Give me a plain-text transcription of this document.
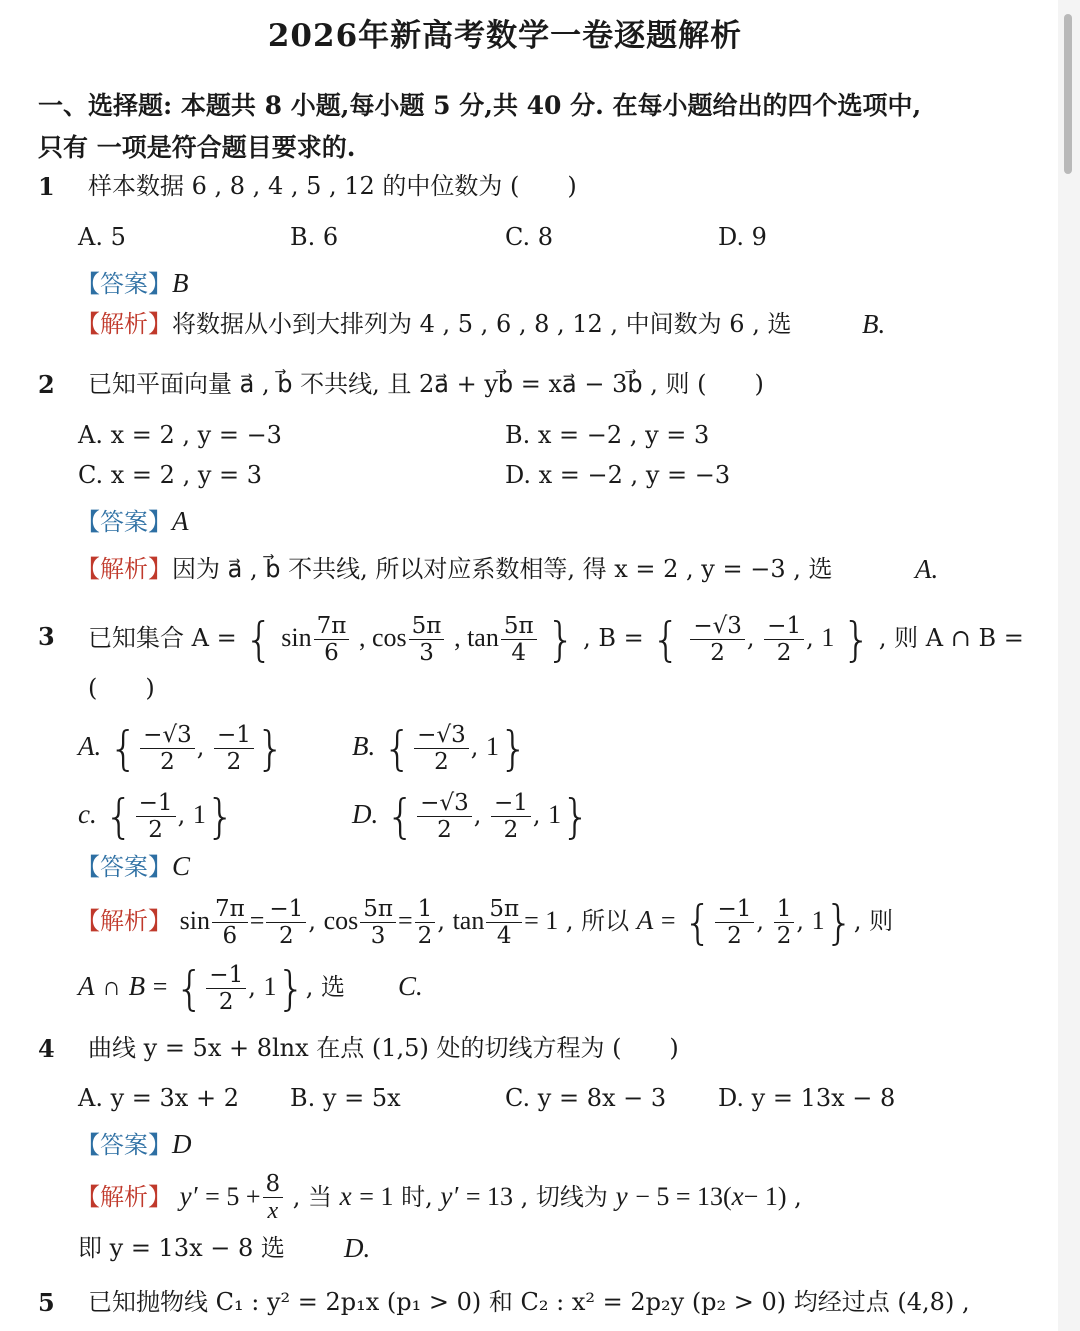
2026年新高考数学一卷逐题解析
一、选择题: 本题共 8 小题,每小题 5 分,共 40 分. 在每小题给出的四个选项中,
只有 一项是符合题目要求的.
1 样本数据 6 , 8 , 4 , 5 , 12 的中位数为 (　　)
A. 5	B. 6	C. 8	D. 9
【答案】B
【解析】将数据从小到大排列为 4 , 5 , 6 , 8 , 12 , 中间数为 6 , 选	B.
2 已知平面向量 a⃗ , b⃗ 不共线, 且 2a⃗ + yb⃗ = xa⃗ − 3b⃗ , 则 (　　)
A. x = 2 , y = −3	B. x = −2 , y = 3
C. x = 2 , y = 3	D. x = −2 , y = −3
【答案】A
【解析】因为 a⃗ , b⃗ 不共线, 所以对应系数相等, 得 x = 2 , y = −3 , 选	A.
3 已知集合 A = { $\sin \frac{7\pi}{6}$ , $\cos \frac{5\pi}{3}$ , $\tan \frac{5\pi}{4}$ } , B = { $\frac{-√3}{2}$ , $\frac{-1}{2}$ , 1 } , 则 A ∩ B =
(　　)
A. { $\frac{-√3}{2}$ , $\frac{-1}{2}$ } B. { $\frac{-√3}{2}$ , 1}
c. { $\frac{-1}{2}$ , 1}	D. { $\frac{-√3}{2}$ , $\frac{-1}{2}$ , 1}
【答案】C
【解析】 $\sin \frac{7\pi}{6} = \frac{-1}{2}$ , $\cos \frac{5\pi}{3} = \frac{1}{2}$ , $\tan \frac{5\pi}{4} = 1$ , 所以 A = { $\frac{-1}{2}$ , $\frac{1}{2}$ , 1}, 则
A ∩ B = { $\frac{-1}{2}$ , 1}, 选 C.
4 曲线 y = 5x + 8lnx 在点 (1,5) 处的切线方程为 (　　)
A. y = 3x + 2 B. y = 5x	C. y = 8x − 3 D. y = 13x − 8
【答案】D
【解析】 $y' = 5 + \frac{8}{x}$ , 当 x = 1 时, y′ = 13 , 切线为 y − 5 = 13(x− 1) ,
即 y = 13x − 8 选 D.
5 已知抛物线 C₁ : y² = 2p₁x (p₁ > 0) 和 C₂ : x² = 2p₂y (p₂ > 0) 均经过点 (4,8) ,
